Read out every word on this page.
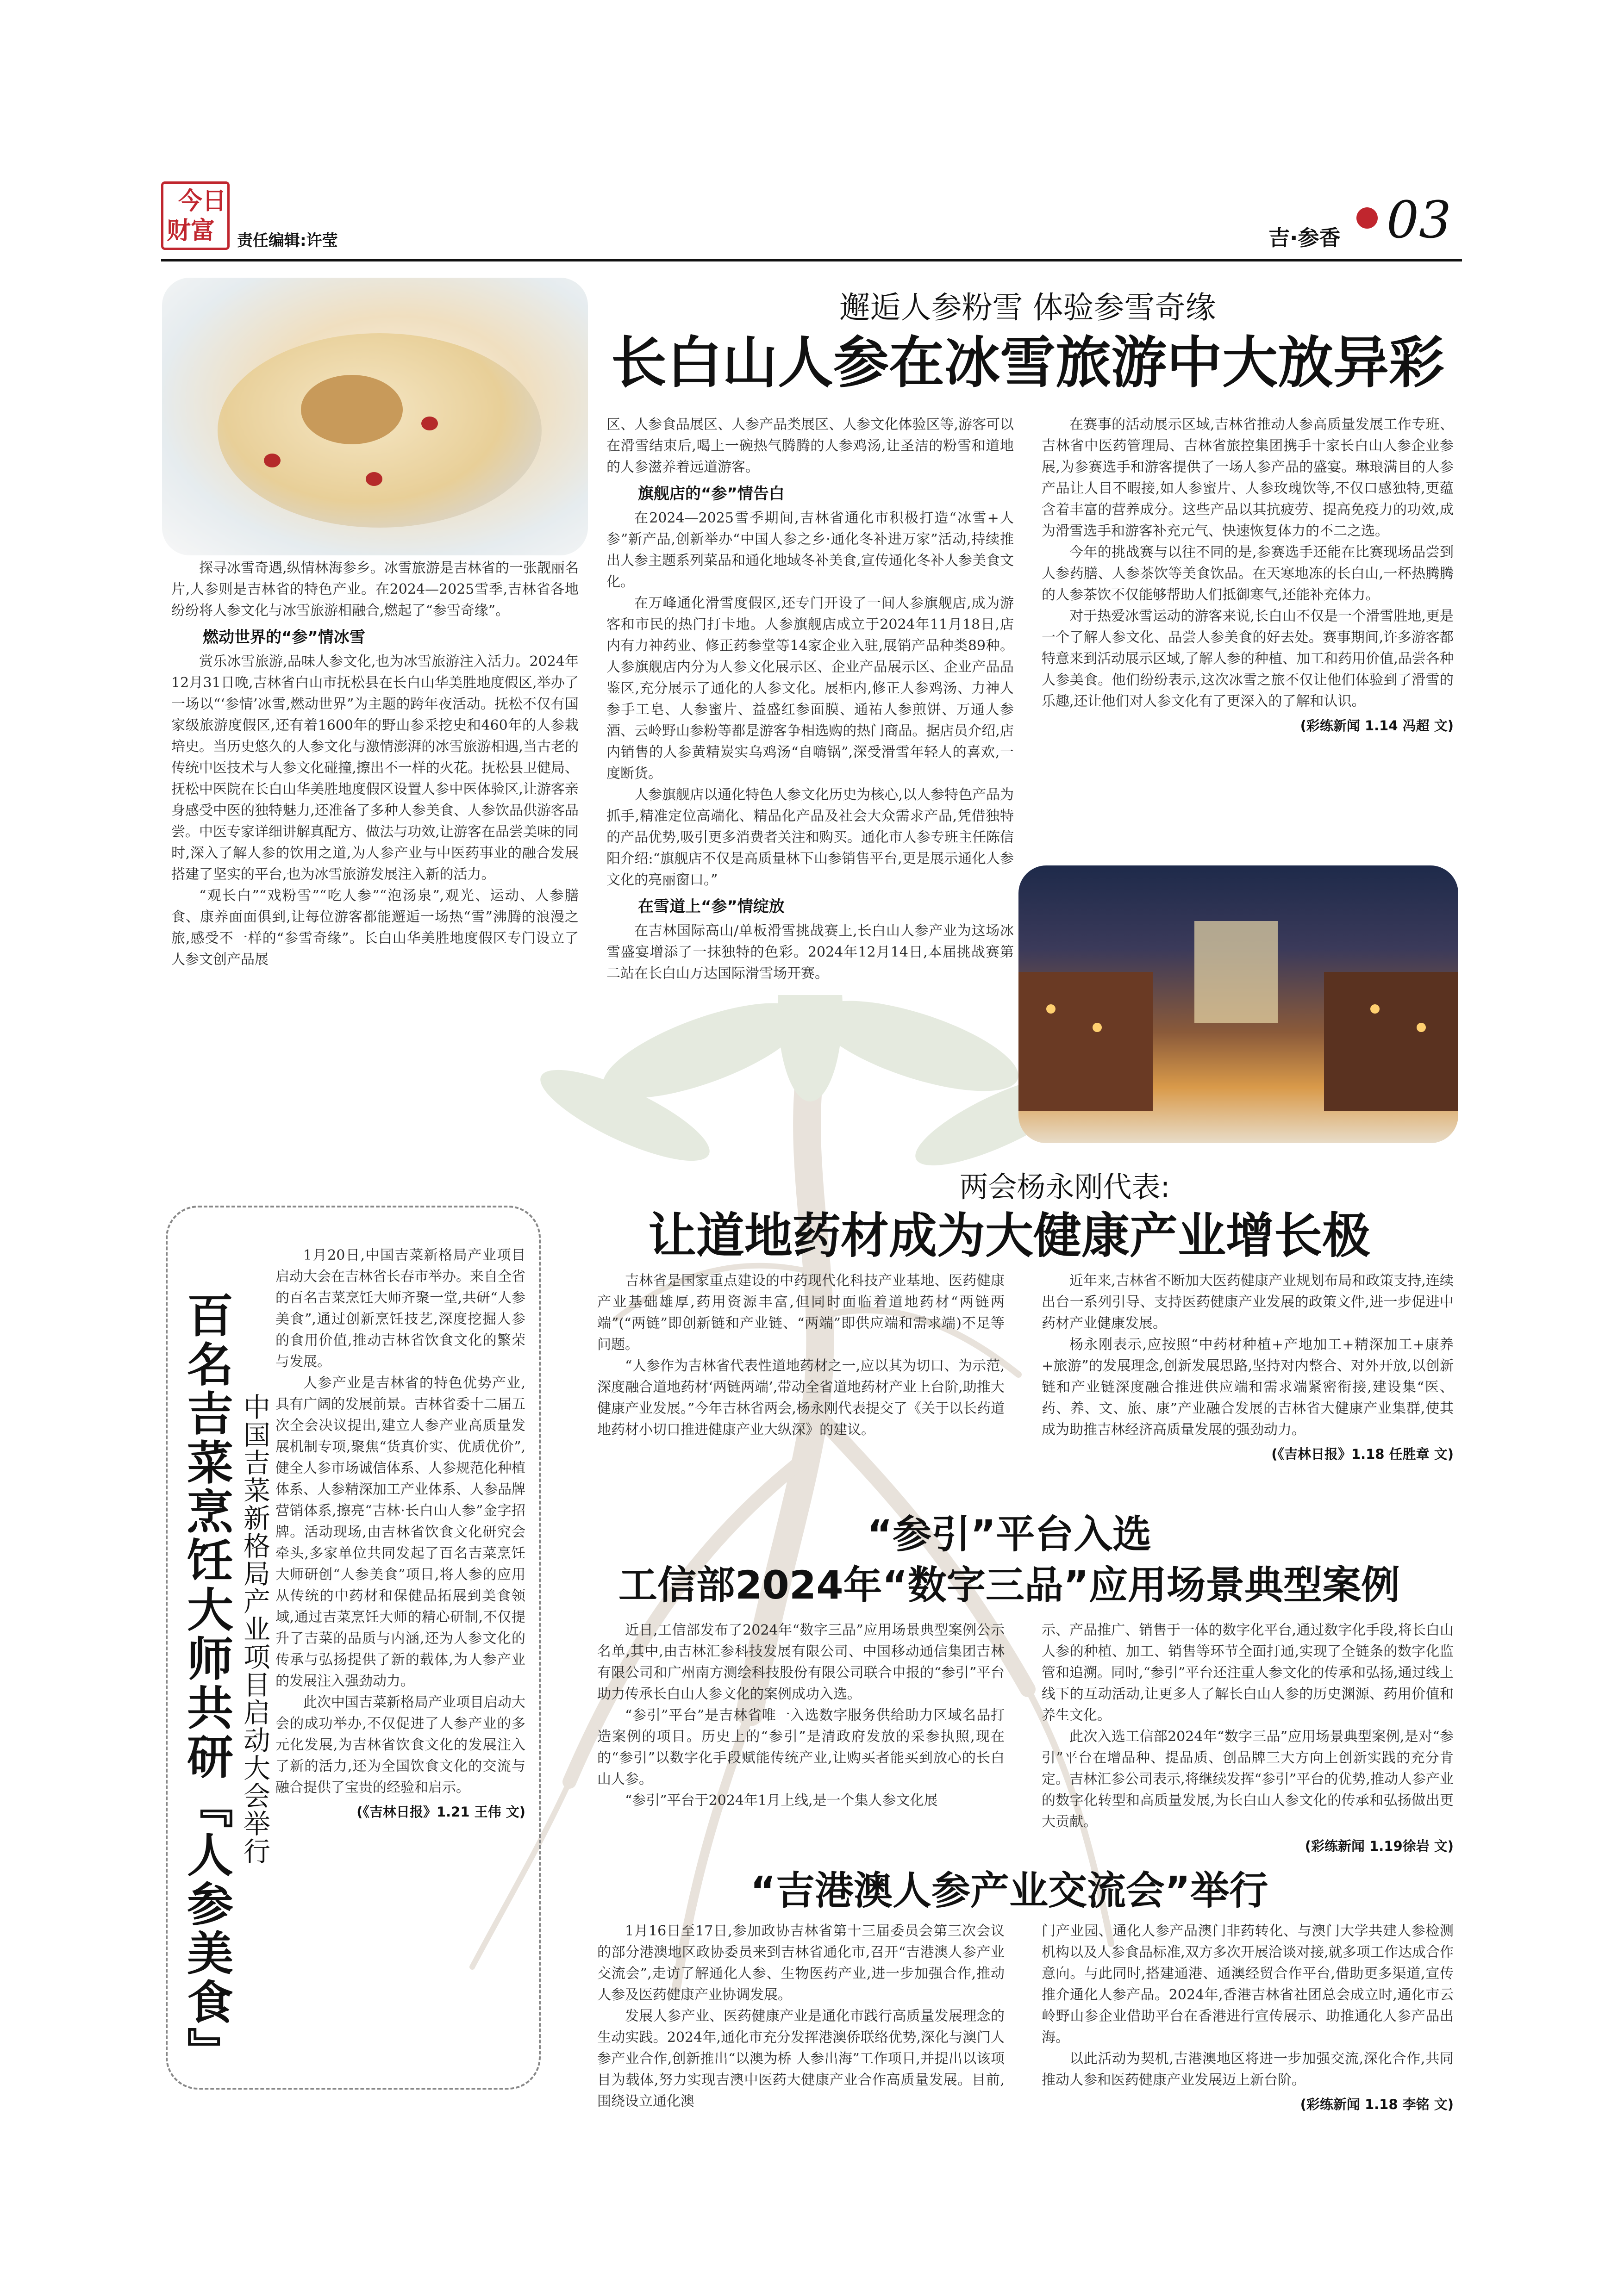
今日
财富	责任编辑:许莹	吉·参香 03
邂逅人参粉雪 体验参雪奇缘
长白山人参在冰雪旅游中大放异彩

探寻冰雪奇遇,纵情林海参乡。冰雪旅游是吉林省的一张靓丽名片,人参则是吉林省的特色产业。在2024—2025雪季,吉林省各地纷纷将人参文化与冰雪旅游相融合,燃起了“参雪奇缘”。

燃动世界的“参”情冰雪

赏乐冰雪旅游,品味人参文化,也为冰雪旅游注入活力。2024年12月31日晚,吉林省白山市抚松县在长白山华美胜地度假区,举办了一场以“‘参情’冰雪,燃动世界”为主题的跨年夜活动。抚松不仅有国家级旅游度假区,还有着1600年的野山参采挖史和460年的人参栽培史。当历史悠久的人参文化与激情澎湃的冰雪旅游相遇,当古老的传统中医技术与人参文化碰撞,擦出不一样的火花。抚松县卫健局、抚松中医院在长白山华美胜地度假区设置人参中医体验区,让游客亲身感受中医的独特魅力,还准备了多种人参美食、人参饮品供游客品尝。中医专家详细讲解真配方、做法与功效,让游客在品尝美味的同时,深入了解人参的饮用之道,为人参产业与中医药事业的融合发展搭建了坚实的平台,也为冰雪旅游发展注入新的活力。

“观长白”“戏粉雪”“吃人参”“泡汤泉”,观光、运动、人参膳食、康养面面俱到,让每位游客都能邂逅一场热“雪”沸腾的浪漫之旅,感受不一样的“参雪奇缘”。长白山华美胜地度假区专门设立了人参文创产品展

区、人参食品展区、人参产品类展区、人参文化体验区等,游客可以在滑雪结束后,喝上一碗热气腾腾的人参鸡汤,让圣洁的粉雪和道地的人参滋养着远道游客。

旗舰店的“参”情告白

在2024—2025雪季期间,吉林省通化市积极打造“冰雪+人参”新产品,创新举办“中国人参之乡·通化冬补进万家”活动,持续推出人参主题系列菜品和通化地域冬补美食,宣传通化冬补人参美食文化。

在万峰通化滑雪度假区,还专门开设了一间人参旗舰店,成为游客和市民的热门打卡地。人参旗舰店成立于2024年11月18日,店内有力神药业、修正药参堂等14家企业入驻,展销产品种类89种。人参旗舰店内分为人参文化展示区、企业产品展示区、企业产品品鉴区,充分展示了通化的人参文化。展柜内,修正人参鸡汤、力神人参手工皂、人参蜜片、益盛红参面膜、通祐人参煎饼、万通人参酒、云岭野山参粉等都是游客争相选购的热门商品。据店员介绍,店内销售的人参黄精炭实乌鸡汤“自嗨锅”,深受滑雪年轻人的喜欢,一度断货。

人参旗舰店以通化特色人参文化历史为核心,以人参特色产品为抓手,精准定位高端化、精品化产品及社会大众需求产品,凭借独特的产品优势,吸引更多消费者关注和购买。通化市人参专班主任陈信阳介绍:“旗舰店不仅是高质量林下山参销售平台,更是展示通化人参文化的亮丽窗口。”

在雪道上“参”情绽放

在吉林国际高山/单板滑雪挑战赛上,长白山人参产业为这场冰雪盛宴增添了一抹独特的色彩。2024年12月14日,本届挑战赛第二站在长白山万达国际滑雪场开赛。

在赛事的活动展示区域,吉林省推动人参高质量发展工作专班、吉林省中医药管理局、吉林省旅控集团携手十家长白山人参企业参展,为参赛选手和游客提供了一场人参产品的盛宴。琳琅满目的人参产品让人目不暇接,如人参蜜片、人参玫瑰饮等,不仅口感独特,更蕴含着丰富的营养成分。这些产品以其抗疲劳、提高免疫力的功效,成为滑雪选手和游客补充元气、快速恢复体力的不二之选。

今年的挑战赛与以往不同的是,参赛选手还能在比赛现场品尝到人参药膳、人参茶饮等美食饮品。在天寒地冻的长白山,一杯热腾腾的人参茶饮不仅能够帮助人们抵御寒气,还能补充体力。

对于热爱冰雪运动的游客来说,长白山不仅是一个滑雪胜地,更是一个了解人参文化、品尝人参美食的好去处。赛事期间,许多游客都特意来到活动展示区域,了解人参的种植、加工和药用价值,品尝各种人参美食。他们纷纷表示,这次冰雪之旅不仅让他们体验到了滑雪的乐趣,还让他们对人参文化有了更深入的了解和认识。

(彩练新闻 1.14 冯超 文)
百名吉菜烹饪大师共研『人参美食』 中国吉菜新格局产业项目启动大会举行

1月20日,中国吉菜新格局产业项目启动大会在吉林省长春市举办。来自全省的百名吉菜烹饪大师齐聚一堂,共研“人参美食”,通过创新烹饪技艺,深度挖掘人参的食用价值,推动吉林省饮食文化的繁荣与发展。

人参产业是吉林省的特色优势产业,具有广阔的发展前景。吉林省委十二届五次全会决议提出,建立人参产业高质量发展机制专项,聚焦“货真价实、优质优价”,健全人参市场诚信体系、人参规范化种植体系、人参精深加工产业体系、人参品牌营销体系,擦亮“吉林·长白山人参”金字招牌。活动现场,由吉林省饮食文化研究会牵头,多家单位共同发起了百名吉菜烹饪大师研创“人参美食”项目,将人参的应用从传统的中药材和保健品拓展到美食领域,通过吉菜烹饪大师的精心研制,不仅提升了吉菜的品质与内涵,还为人参文化的传承与弘扬提供了新的载体,为人参产业的发展注入强劲动力。

此次中国吉菜新格局产业项目启动大会的成功举办,不仅促进了人参产业的多元化发展,为吉林省饮食文化的发展注入了新的活力,还为全国饮食文化的交流与融合提供了宝贵的经验和启示。

(《吉林日报》1.21 王伟 文)
两会杨永刚代表:
让道地药材成为大健康产业增长极

吉林省是国家重点建设的中药现代化科技产业基地、医药健康产业基础雄厚,药用资源丰富,但同时面临着道地药材“两链两端”(“两链”即创新链和产业链、“两端”即供应端和需求端)不足等问题。

“人参作为吉林省代表性道地药材之一,应以其为切口、为示范,深度融合道地药材‘两链两端’,带动全省道地药材产业上台阶,助推大健康产业发展。”今年吉林省两会,杨永刚代表提交了《关于以长药道地药材小切口推进健康产业大纵深》的建议。

近年来,吉林省不断加大医药健康产业规划布局和政策支持,连续出台一系列引导、支持医药健康产业发展的政策文件,进一步促进中药材产业健康发展。

杨永刚表示,应按照“中药材种植+产地加工+精深加工+康养+旅游”的发展理念,创新发展思路,坚持对内整合、对外开放,以创新链和产业链深度融合推进供应端和需求端紧密衔接,建设集“医、药、养、文、旅、康”产业融合发展的吉林省大健康产业集群,使其成为助推吉林经济高质量发展的强劲动力。

(《吉林日报》1.18 任胜章 文)
“参引”平台入选
工信部2024年“数字三品”应用场景典型案例

近日,工信部发布了2024年“数字三品”应用场景典型案例公示名单,其中,由吉林汇参科技发展有限公司、中国移动通信集团吉林有限公司和广州南方测绘科技股份有限公司联合申报的“参引”平台助力传承长白山人参文化的案例成功入选。

“参引”平台”是吉林省唯一入选数字服务供给助力区域名品打造案例的项目。历史上的“参引”是清政府发放的采参执照,现在的“参引”以数字化手段赋能传统产业,让购买者能买到放心的长白山人参。

“参引”平台于2024年1月上线,是一个集人参文化展

示、产品推广、销售于一体的数字化平台,通过数字化手段,将长白山人参的种植、加工、销售等环节全面打通,实现了全链条的数字化监管和追溯。同时,“参引”平台还注重人参文化的传承和弘扬,通过线上线下的互动活动,让更多人了解长白山人参的历史渊源、药用价值和养生文化。

此次入选工信部2024年“数字三品”应用场景典型案例,是对“参引”平台在增品种、提品质、创品牌三大方向上创新实践的充分肯定。吉林汇参公司表示,将继续发挥“参引”平台的优势,推动人参产业的数字化转型和高质量发展,为长白山人参文化的传承和弘扬做出更大贡献。

(彩练新闻 1.19徐岩 文)
“吉港澳人参产业交流会”举行

1月16日至17日,参加政协吉林省第十三届委员会第三次会议的部分港澳地区政协委员来到吉林省通化市,召开“吉港澳人参产业交流会”,走访了解通化人参、生物医药产业,进一步加强合作,推动人参及医药健康产业协调发展。

发展人参产业、医药健康产业是通化市践行高质量发展理念的生动实践。2024年,通化市充分发挥港澳侨联络优势,深化与澳门人参产业合作,创新推出“以澳为桥 人参出海”工作项目,并提出以该项目为载体,努力实现吉澳中医药大健康产业合作高质量发展。目前,围绕设立通化澳

门产业园、通化人参产品澳门非药转化、与澳门大学共建人参检测机构以及人参食品标准,双方多次开展洽谈对接,就多项工作达成合作意向。与此同时,搭建通港、通澳经贸合作平台,借助更多渠道,宣传推介通化人参产品。2024年,香港吉林省社团总会成立时,通化市云岭野山参企业借助平台在香港进行宣传展示、助推通化人参产品出海。

以此活动为契机,吉港澳地区将进一步加强交流,深化合作,共同推动人参和医药健康产业发展迈上新台阶。

(彩练新闻 1.18 李铭 文)
